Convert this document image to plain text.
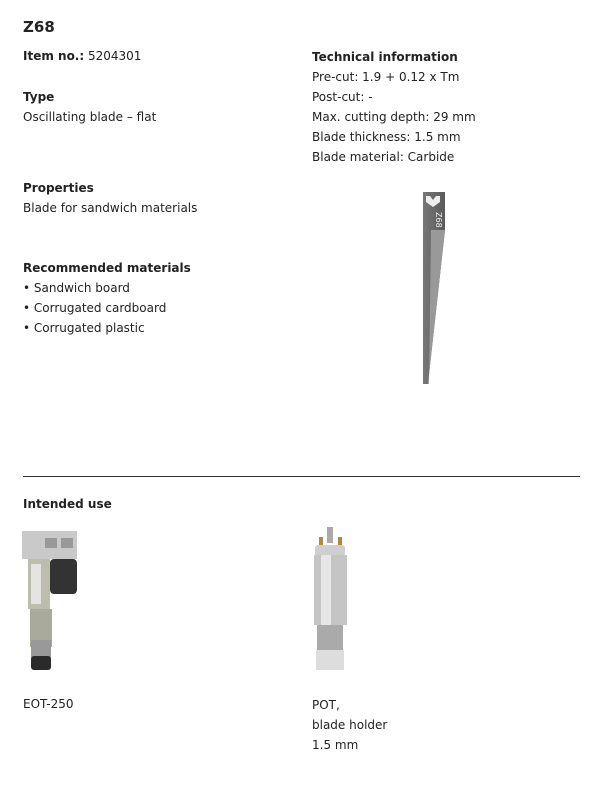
Z68
Item no.: 5204301
Type
Oscillating blade – flat
Properties
Blade for sandwich materials
Recommended materials
• Sandwich board
• Corrugated cardboard
• Corrugated plastic
Technical information
Pre-cut: 1.9 + 0.12 x Tm
Post-cut: -
Max. cutting depth: 29 mm
Blade thickness: 1.5 mm
Blade material: Carbide
Z68
Intended use
EOT-250	POT,
blade holder
1.5 mm
